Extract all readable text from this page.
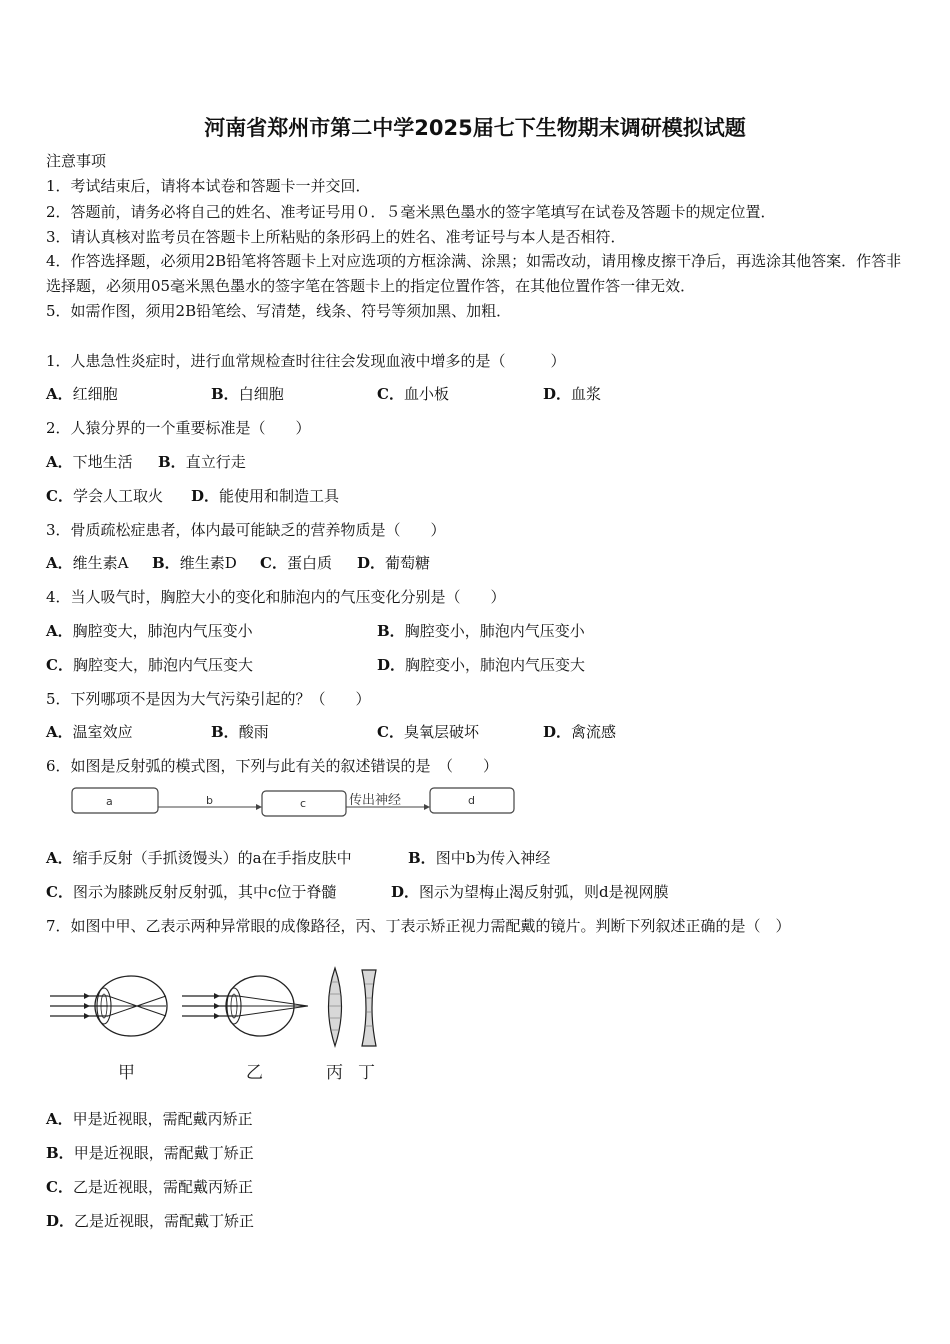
河南省郑州市第二中学2025届七下生物期末调研模拟试题
注意事项
1．考试结束后，请将本试卷和答题卡一并交回．
2．答题前，请务必将自己的姓名、准考证号用０．５毫米黑色墨水的签字笔填写在试卷及答题卡的规定位置．
3．请认真核对监考员在答题卡上所粘贴的条形码上的姓名、准考证号与本人是否相符．
4．作答选择题，必须用2B铅笔将答题卡上对应选项的方框涂满、涂黑；如需改动，请用橡皮擦干净后，再选涂其他答案．作答非选择题，必须用05毫米黑色墨水的签字笔在答题卡上的指定位置作答，在其他位置作答一律无效．
5．如需作图，须用2B铅笔绘、写清楚，线条、符号等须加黑、加粗．
1．人患急性炎症时，进行血常规检查时往往会发现血液中增多的是（　　　）
A．红细胞	B．白细胞	C．血小板	D．血浆
2．人猿分界的一个重要标准是（　　）
A．下地生活 B．直立行走
C．学会人工取火 D．能使用和制造工具
3．骨质疏松症患者，体内最可能缺乏的营养物质是（　　）
A．维生素A B．维生素D C．蛋白质 D．葡萄糖
4．当人吸气时，胸腔大小的变化和肺泡内的气压变化分别是（　　）
A．胸腔变大，肺泡内气压变小	B．胸腔变小，肺泡内气压变小
C．胸腔变大，肺泡内气压变大	D．胸腔变小，肺泡内气压变大
5．下列哪项不是因为大气污染引起的？（　　）
A．温室效应	B．酸雨	C．臭氧层破坏	D．禽流感
6．如图是反射弧的模式图，下列与此有关的叙述错误的是　（　　）
a	b	c	传出神经	d
A．缩手反射（手抓烫馒头）的a在手指皮肤中	B．图中b为传入神经
C．图示为膝跳反射反射弧，其中c位于脊髓	D．图示为望梅止渴反射弧，则d是视网膜
7．如图中甲、乙表示两种异常眼的成像路径，丙、丁表示矫正视力需配戴的镜片。判断下列叙述正确的是（　）
甲	乙	丙 丁
A．甲是近视眼，需配戴丙矫正
B．甲是近视眼，需配戴丁矫正
C．乙是近视眼，需配戴丙矫正
D．乙是近视眼，需配戴丁矫正
